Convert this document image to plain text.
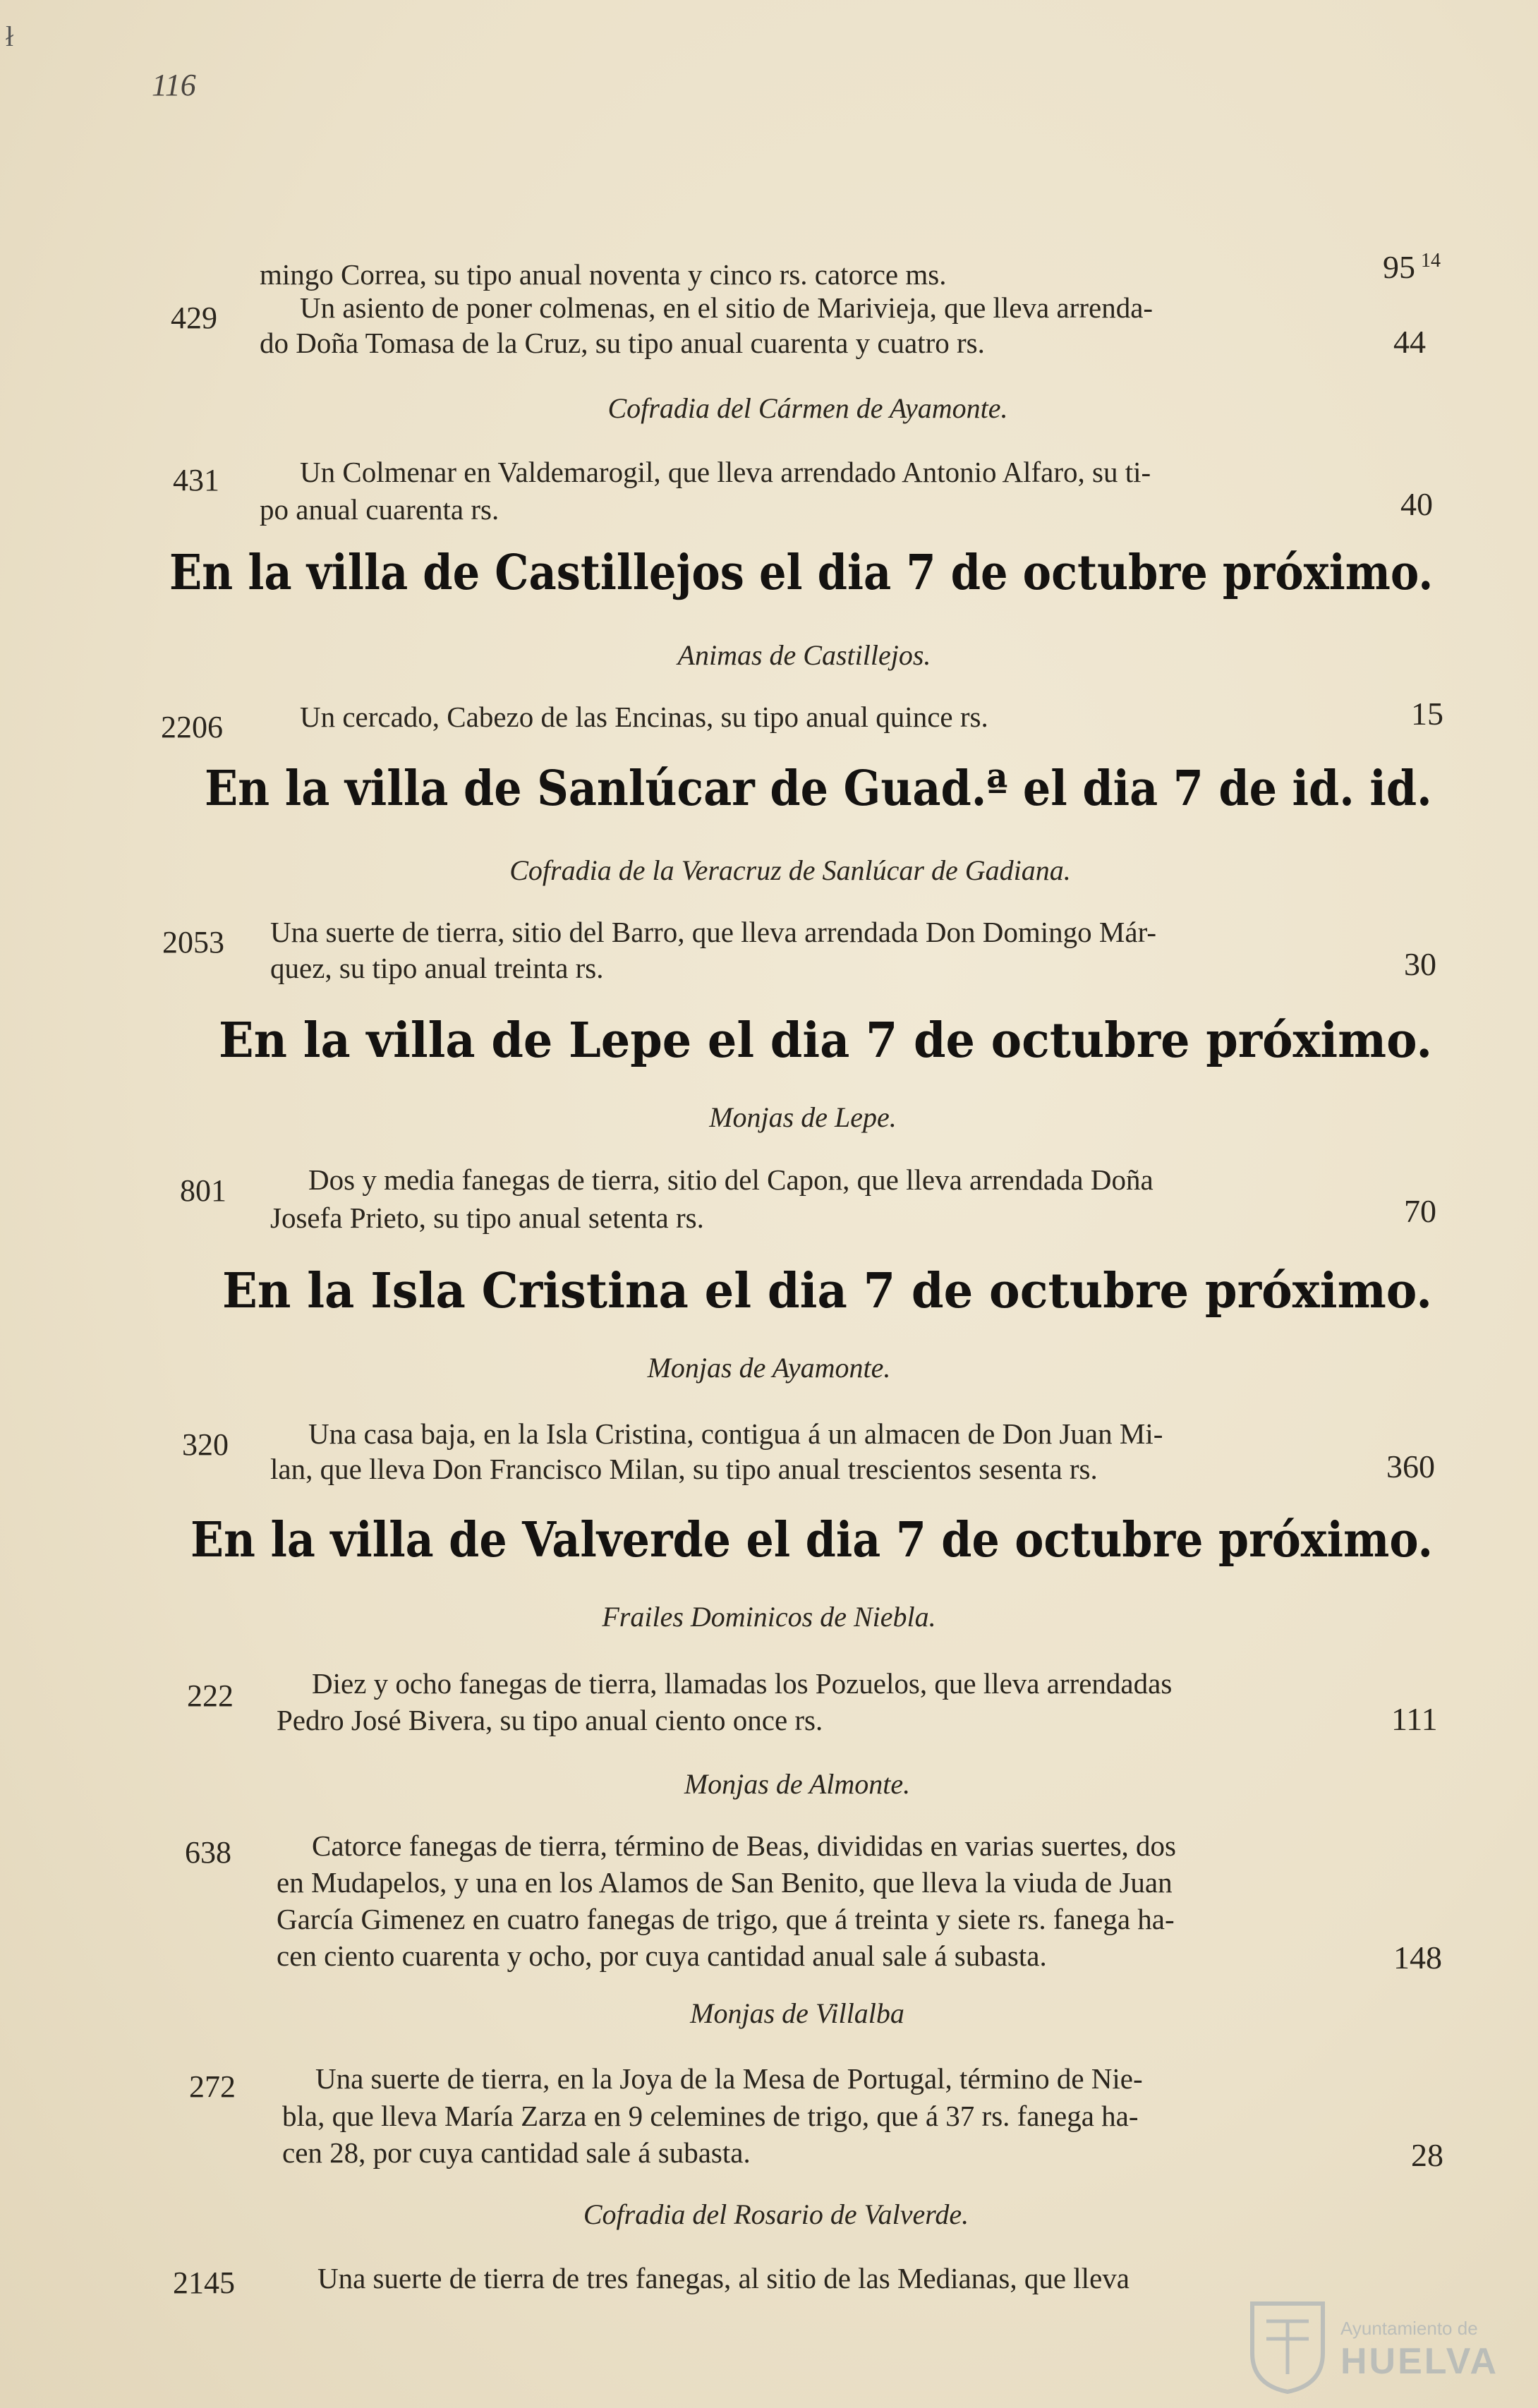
ł
116
mingo Correa, su tipo anual noventa y cinco rs. catorce ms.	95 $^{14}$
429	Un asiento de poner colmenas, en el sitio de Marivieja, que lleva arrenda-
do Doña Tomasa de la Cruz, su tipo anual cuarenta y cuatro rs.	44
Cofradia del Cármen de Ayamonte.
431	Un Colmenar en Valdemarogil, que lleva arrendado Antonio Alfaro, su ti-
po anual cuarenta rs.	40
En la villa de Castillejos el dia 7 de octubre próximo.
Animas de Castillejos.
2206	Un cercado, Cabezo de las Encinas, su tipo anual quince rs.	15
En la villa de Sanlúcar de Guad.ª el dia 7 de id. id.
Cofradia de la Veracruz de Sanlúcar de Gadiana.
2053 Una suerte de tierra, sitio del Barro, que lleva arrendada Don Domingo Már-
quez, su tipo anual treinta rs.	30
En la villa de Lepe el dia 7 de octubre próximo.
Monjas de Lepe.
801	Dos y media fanegas de tierra, sitio del Capon, que lleva arrendada Doña
Josefa Prieto, su tipo anual setenta rs.	70
En la Isla Cristina el dia 7 de octubre próximo.
Monjas de Ayamonte.
320	Una casa baja, en la Isla Cristina, contigua á un almacen de Don Juan Mi-
lan, que lleva Don Francisco Milan, su tipo anual trescientos sesenta rs.	360
En la villa de Valverde el dia 7 de octubre próximo.
Frailes Dominicos de Niebla.
222	Diez y ocho fanegas de tierra, llamadas los Pozuelos, que lleva arrendadas
Pedro José Bivera, su tipo anual ciento once rs.	111
Monjas de Almonte.
638	Catorce fanegas de tierra, término de Beas, divididas en varias suertes, dos
en Mudapelos, y una en los Alamos de San Benito, que lleva la viuda de Juan
García Gimenez en cuatro fanegas de trigo, que á treinta y siete rs. fanega ha-
cen ciento cuarenta y ocho, por cuya cantidad anual sale á subasta.	148
Monjas de Villalba
272	Una suerte de tierra, en la Joya de la Mesa de Portugal, término de Nie-
bla, que lleva María Zarza en 9 celemines de trigo, que á 37 rs. fanega ha-
cen 28, por cuya cantidad sale á subasta.	28
Cofradia del Rosario de Valverde.
2145	Una suerte de tierra de tres fanegas, al sitio de las Medianas, que lleva
Ayuntamiento de
HUELVA
